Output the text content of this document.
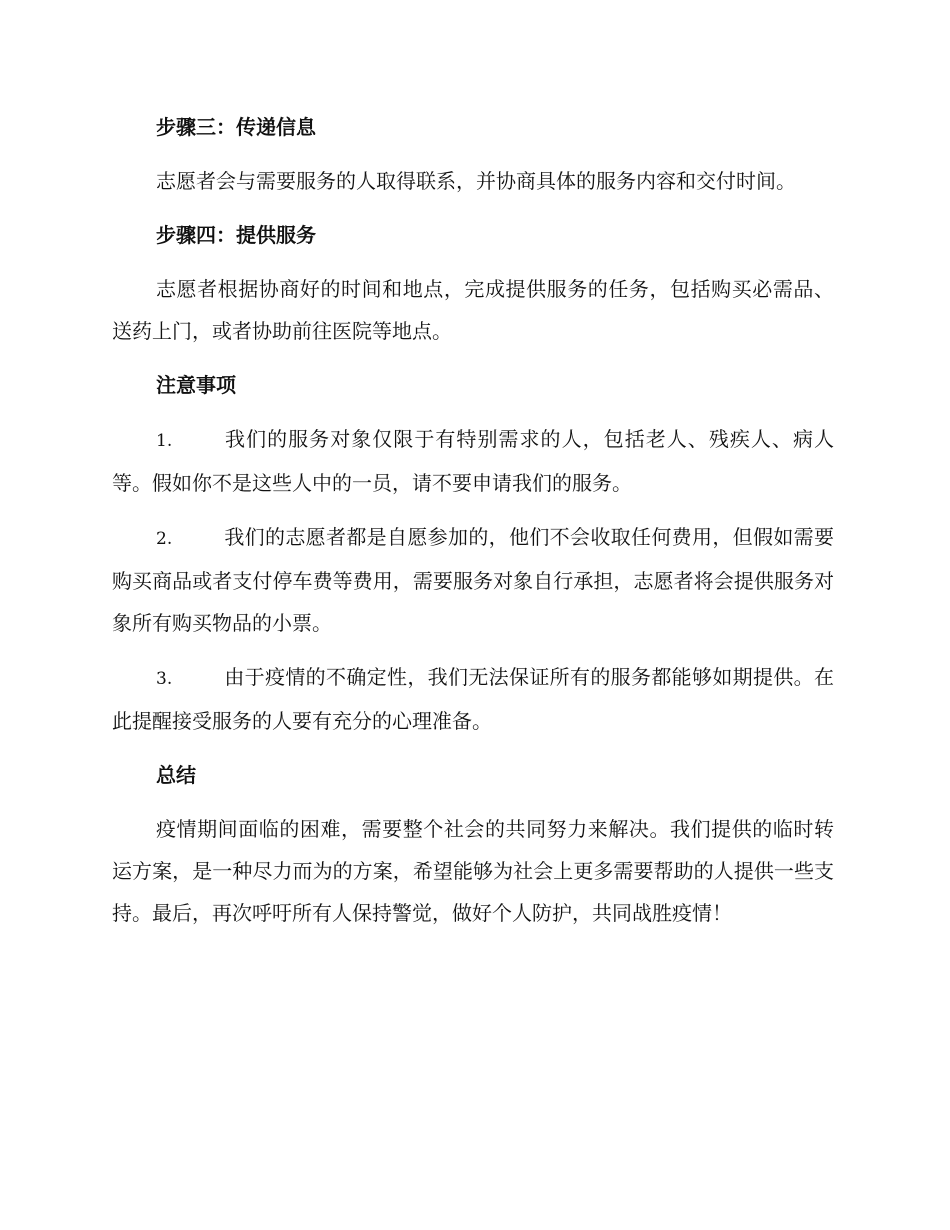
步骤三：传递信息

志愿者会与需要服务的人取得联系，并协商具体的服务内容和交付时间。

步骤四：提供服务

志愿者根据协商好的时间和地点，完成提供服务的任务，包括购买必需品、送药上门，或者协助前往医院等地点。

注意事项

1.	我们的服务对象仅限于有特别需求的人，包括老人、残疾人、病人等。假如你不是这些人中的一员，请不要申请我们的服务。

2.	我们的志愿者都是自愿参加的，他们不会收取任何费用，但假如需要购买商品或者支付停车费等费用，需要服务对象自行承担，志愿者将会提供服务对象所有购买物品的小票。

3.	由于疫情的不确定性，我们无法保证所有的服务都能够如期提供。在此提醒接受服务的人要有充分的心理准备。

总结

疫情期间面临的困难，需要整个社会的共同努力来解决。我们提供的临时转运方案，是一种尽力而为的方案，希望能够为社会上更多需要帮助的人提供一些支持。最后，再次呼吁所有人保持警觉，做好个人防护，共同战胜疫情！
